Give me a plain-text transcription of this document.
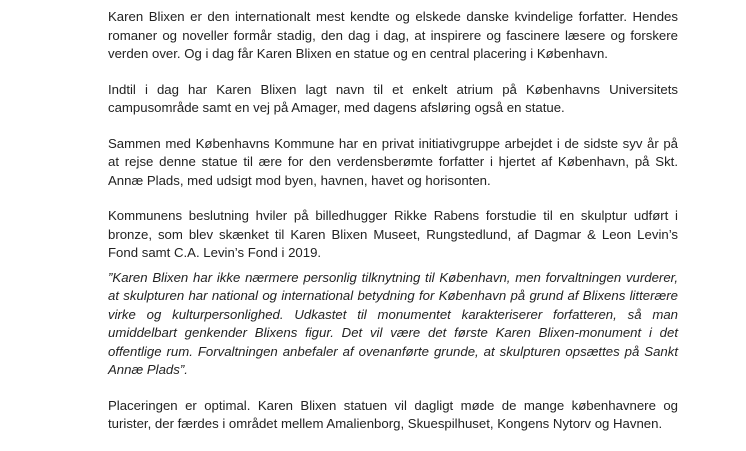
Karen Blixen er den internationalt mest kendte og elskede danske kvindelige forfatter. Hendes romaner og noveller formår stadig, den dag i dag, at inspirere og fascinere læsere og forskere verden over. Og i dag får Karen Blixen en statue og en central placering i København.

Indtil i dag har Karen Blixen lagt navn til et enkelt atrium på Københavns Universitets campusområde samt en vej på Amager, med dagens afsløring også en statue.

Sammen med Københavns Kommune har en privat initiativgruppe arbejdet i de sidste syv år på at rejse denne statue til ære for den verdensberømte forfatter i hjertet af København, på Skt. Annæ Plads, med udsigt mod byen, havnen, havet og horisonten.

Kommunens beslutning hviler på billedhugger Rikke Rabens forstudie til en skulptur udført i bronze, som blev skænket til Karen Blixen Museet, Rungstedlund, af Dagmar & Leon Levin’s Fond samt C.A. Levin’s Fond i 2019.

”Karen Blixen har ikke nærmere personlig tilknytning til København, men forvaltningen vurderer, at skulpturen har national og international betydning for København på grund af Blixens litterære virke og kulturpersonlighed. Udkastet til monumentet karakteriserer forfatteren, så man umiddelbart genkender Blixens figur. Det vil være det første Karen Blixen-monument i det offentlige rum. Forvaltningen anbefaler af ovenanførte grunde, at skulpturen opsættes på Sankt Annæ Plads”.

Placeringen er optimal. Karen Blixen statuen vil dagligt møde de mange københavnere og turister, der færdes i området mellem Amalienborg, Skuespilhuset, Kongens Nytorv og Havnen.
